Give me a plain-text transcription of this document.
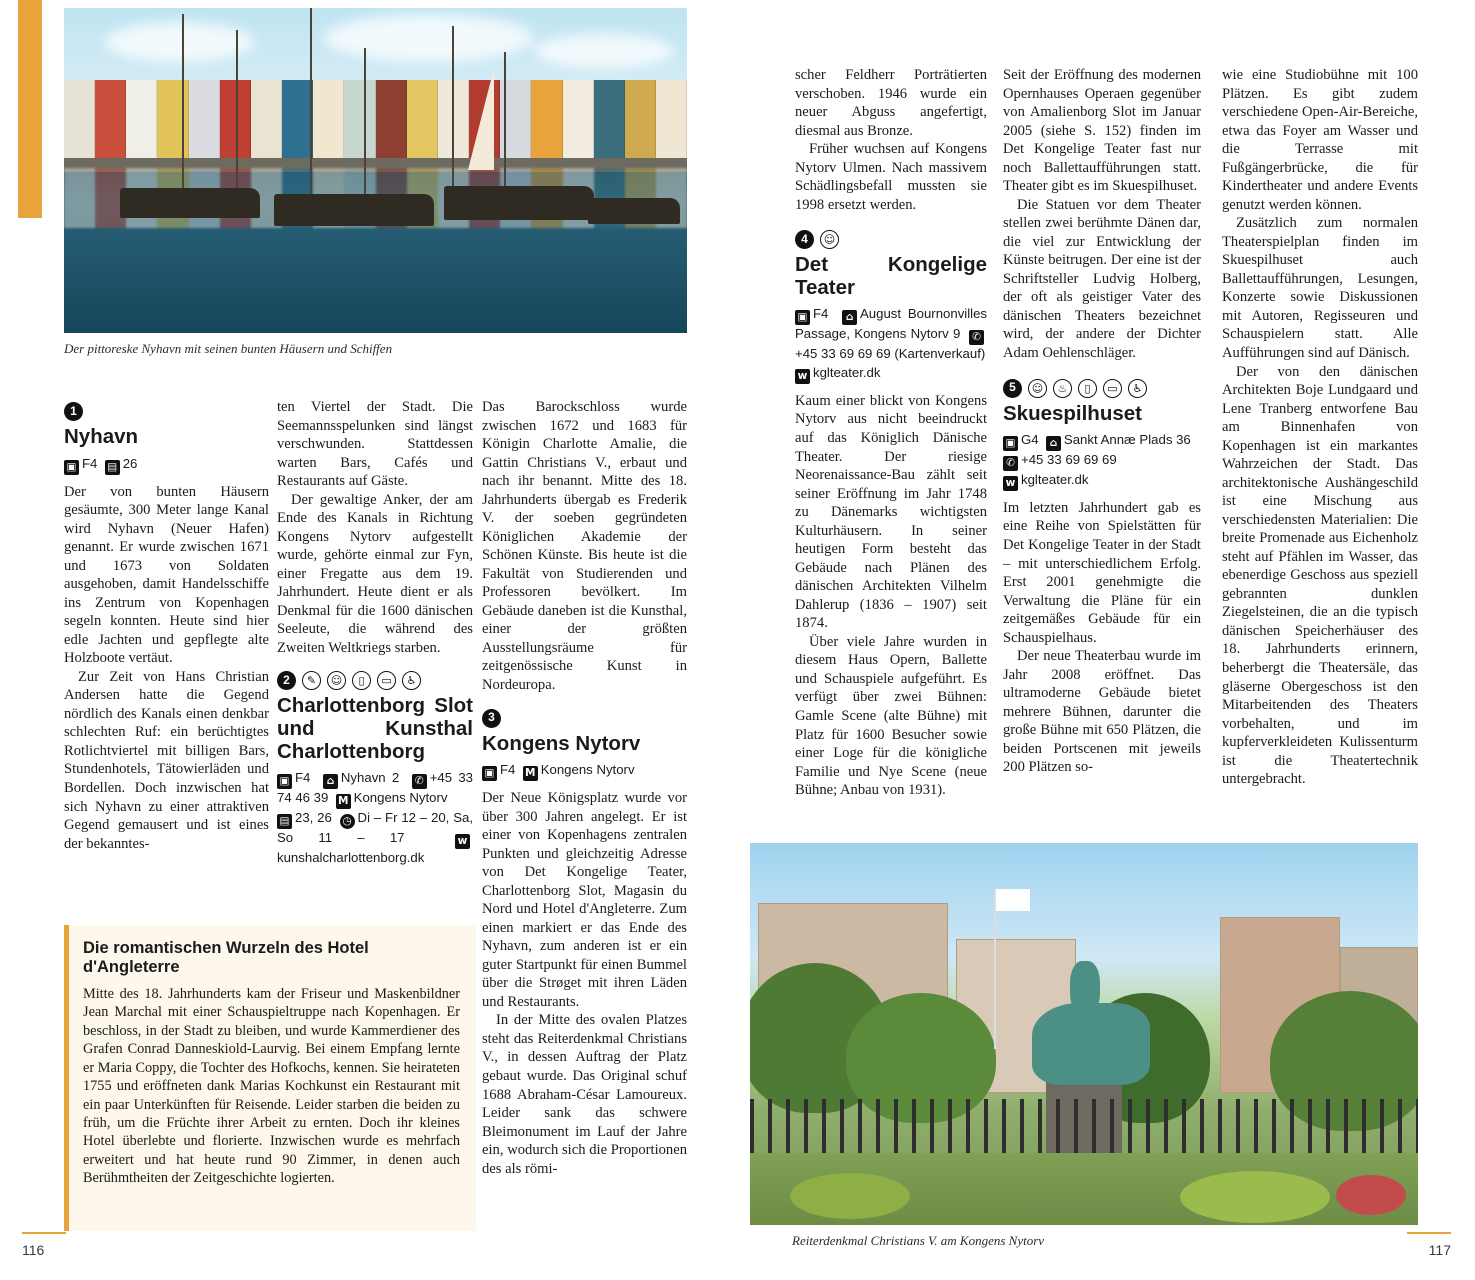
Der pittoreske Nyhavn mit seinen bunten Häusern und Schiffen
1
Nyhavn
▣ F4  ▤ 26

Der von bunten Häusern gesäumte, 300 Meter lange Kanal wird Nyhavn (Neuer Hafen) genannt. Er wurde zwischen 1671 und 1673 von Soldaten ausgehoben, damit Handelsschiffe ins Zentrum von Kopenhagen segeln konnten. Heute sind hier edle Jachten und gepflegte alte Holzboote vertäut.

Zur Zeit von Hans Christian Andersen hatte die Gegend nördlich des Kanals einen denkbar schlechten Ruf: ein berüchtigtes Rotlichtviertel mit billigen Bars, Stundenhotels, Tätowierläden und Bordellen. Doch inzwischen hat sich Nyhavn zu einer attraktiven Gegend gemausert und ist eines der bekanntes-

ten Viertel der Stadt. Die Seemannsspelunken sind längst verschwunden. Stattdessen warten Bars, Cafés und Restaurants auf Gäste.

Der gewaltige Anker, der am Ende des Kanals in Richtung Kongens Nytorv aufgestellt wurde, gehörte einmal zur Fyn, einer Fregatte aus dem 19. Jahrhundert. Heute dient er als Denkmal für die 1600 dänischen Seeleute, die während des Zweiten Weltkriegs starben.

2	✎	☺	▯	▭	♿
Charlottenborg Slot und Kunsthal Charlottenborg
▣ F4  ⌂ Nyhavn 2  ✆ +45 33 74 46 39  M Kongens Nytorv
▤ 23, 26  ◷ Di – Fr 12 – 20, Sa, So 11 – 17  wkunshalcharlottenborg.dk

Das Barockschloss wurde zwischen 1672 und 1683 für Königin Charlotte Amalie, die Gattin Christians V., erbaut und nach ihr benannt. Mitte des 18. Jahrhunderts übergab es Frederik V. der soeben gegründeten Königlichen Akademie der Schönen Künste. Bis heute ist die Fakultät von Studierenden und Professoren bevölkert. Im Gebäude daneben ist die Kunsthal, einer der größten Ausstellungsräume für zeitgenössische Kunst in Nordeuropa.

3
Kongens Nytorv
▣ F4  M Kongens Nytorv

Der Neue Königsplatz wurde vor über 300 Jahren angelegt. Er ist einer von Kopenhagens zentralen Punkten und gleichzeitig Adresse von Det Kongelige Teater, Charlottenborg Slot, Magasin du Nord und Hotel d'Angleterre. Zum einen markiert er das Ende des Nyhavn, zum anderen ist er ein guter Startpunkt für einen Bummel über die Strøget mit ihren Läden und Restaurants.

In der Mitte des ovalen Platzes steht das Reiterdenkmal Christians V., in dessen Auftrag der Platz gebaut wurde. Das Original schuf 1688 Abraham-César Lamoureux. Leider sank das schwere Bleimonument im Lauf der Jahre ein, wodurch sich die Proportionen des als römi-

scher Feldherr Porträtierten verschoben. 1946 wurde ein neuer Abguss angefertigt, diesmal aus Bronze.

Früher wuchsen auf Kongens Nytorv Ulmen. Nach massivem Schädlingsbefall mussten sie 1998 ersetzt werden.

4	☺
Det Kongelige Teater
▣ F4  ⌂ August Bournonvilles Passage, Kongens Nytorv 9  ✆+45 33 69 69 69 (Kartenverkauf)
w kglteater.dk

Kaum einer blickt von Kongens Nytorv aus nicht beeindruckt auf das Königlich Dänische Theater. Der riesige Neorenaissance-Bau zählt seit seiner Eröffnung im Jahr 1748 zu Dänemarks wichtigsten Kulturhäusern. In seiner heutigen Form besteht das Gebäude nach Plänen des dänischen Architekten Vilhelm Dahlerup (1836 – 1907) seit 1874.

Über viele Jahre wurden in diesem Haus Opern, Ballette und Schauspiele aufgeführt. Es verfügt über zwei Bühnen: Gamle Scene (alte Bühne) mit Platz für 1600 Besucher sowie einer Loge für die königliche Familie und Nye Scene (neue Bühne; Anbau von 1931).

Seit der Eröffnung des modernen Opernhauses Operaen gegenüber von Amalienborg Slot im Januar 2005 (siehe S. 152) finden im Det Kongelige Teater fast nur noch Ballettaufführungen statt. Theater gibt es im Skuespilhuset.

Die Statuen vor dem Theater stellen zwei berühmte Dänen dar, die viel zur Entwicklung der Künste beitrugen. Der eine ist der Schriftsteller Ludvig Holberg, der oft als geistiger Vater des dänischen Theaters bezeichnet wird, der andere der Dichter Adam Oehlenschläger.

5	☺	♨	▯	▭	♿
Skuespilhuset
▣ G4  ⌂ Sankt Annæ Plads 36
✆ +45 33 69 69 69
w kglteater.dk

Im letzten Jahrhundert gab es eine Reihe von Spielstätten für Det Kongelige Teater in der Stadt – mit unterschiedlichem Erfolg. Erst 2001 genehmigte die Verwaltung die Pläne für ein zeitgemäßes Gebäude für ein Schauspielhaus.

Der neue Theaterbau wurde im Jahr 2008 eröffnet. Das ultramoderne Gebäude bietet mehrere Bühnen, darunter die große Bühne mit 650 Plätzen, die beiden Portscenen mit jeweils 200 Plätzen so-

wie eine Studiobühne mit 100 Plätzen. Es gibt zudem verschiedene Open-Air-Bereiche, etwa das Foyer am Wasser und die Terrasse mit Fußgängerbrücke, die für Kindertheater und andere Events genutzt werden können.

Zusätzlich zum normalen Theaterspielplan finden im Skuespilhuset auch Ballettaufführungen, Lesungen, Konzerte sowie Diskussionen mit Autoren, Regisseuren und Schauspielern statt. Alle Aufführungen sind auf Dänisch.

Der von den dänischen Architekten Boje Lundgaard und Lene Tranberg entworfene Bau am Binnenhafen von Kopenhagen ist ein markantes Wahrzeichen der Stadt. Das architektonische Aushängeschild ist eine Mischung aus verschiedensten Materialien: Die breite Promenade aus Eichenholz steht auf Pfählen im Wasser, das ebenerdige Geschoss aus speziell gebrannten dunklen Ziegelsteinen, die an die typisch dänischen Speicherhäuser des 18. Jahrhunderts erinnern, beherbergt die Theatersäle, das gläserne Obergeschoss ist den Mitarbeitenden des Theaters vorbehalten, und im kupferverkleideten Kulissenturm ist die Theatertechnik untergebracht.

Die romantischen Wurzeln des Hotel d'Angleterre

Mitte des 18. Jahrhunderts kam der Friseur und Maskenbildner Jean Marchal mit einer Schauspieltruppe nach Kopenhagen. Er beschloss, in der Stadt zu bleiben, und wurde Kammerdiener des Grafen Conrad Danneskiold-Laurvig. Bei einem Empfang lernte er Maria Coppy, die Tochter des Hofkochs, kennen. Sie heirateten 1755 und eröffneten dank Marias Kochkunst ein Restaurant mit ein paar Unterkünften für Reisende. Leider starben die beiden zu früh, um die Früchte ihrer Arbeit zu ernten. Doch ihr kleines Hotel überlebte und florierte. Inzwischen wurde es mehrfach erweitert und hat heute rund 90 Zimmer, in denen auch Berühmtheiten der Zeitgeschichte logierten.

Reiterdenkmal Christians V. am Kongens Nytorv
116	117
